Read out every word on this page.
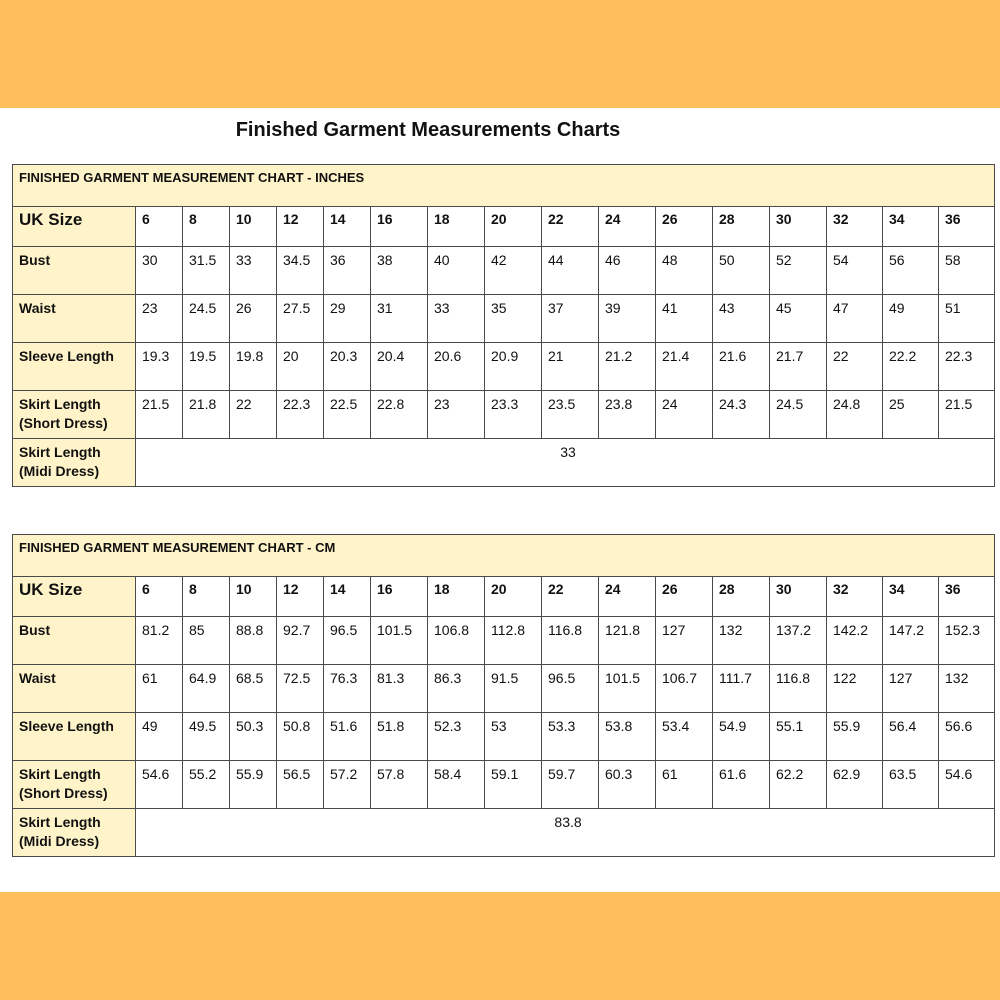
Finished Garment Measurements Charts
FINISHED GARMENT MEASUREMENT CHART - INCHES																
UK Size	6	8	10	12	14	16	18	20	22	24	26	28	30	32	34	36

Bust	30	31.5	33	34.5	36	38	40	42	44	46	48	50	52	54	56	58

Waist	23	24.5	26	27.5	29	31	33	35	37	39	41	43	45	47	49	51

Sleeve Length	19.3	19.5	19.8	20	20.3	20.4	20.6	20.9	21	21.2	21.4	21.6	21.7	22	22.2	22.3

Skirt Length
(Short Dress)	21.5	21.8	22	22.3	22.5	22.8	23	23.3	23.5	23.8	24	24.3	24.5	24.8	25	21.5

Skirt Length
(Midi Dress)	33															
FINISHED GARMENT MEASUREMENT CHART - CM																
UK Size	6	8	10	12	14	16	18	20	22	24	26	28	30	32	34	36

Bust	81.2	85	88.8	92.7	96.5	101.5	106.8	112.8	116.8	121.8	127	132	137.2	142.2	147.2	152.3

Waist	61	64.9	68.5	72.5	76.3	81.3	86.3	91.5	96.5	101.5	106.7	111.7	116.8	122	127	132

Sleeve Length	49	49.5	50.3	50.8	51.6	51.8	52.3	53	53.3	53.8	53.4	54.9	55.1	55.9	56.4	56.6

Skirt Length
(Short Dress)	54.6	55.2	55.9	56.5	57.2	57.8	58.4	59.1	59.7	60.3	61	61.6	62.2	62.9	63.5	54.6

Skirt Length
(Midi Dress)	83.8															
